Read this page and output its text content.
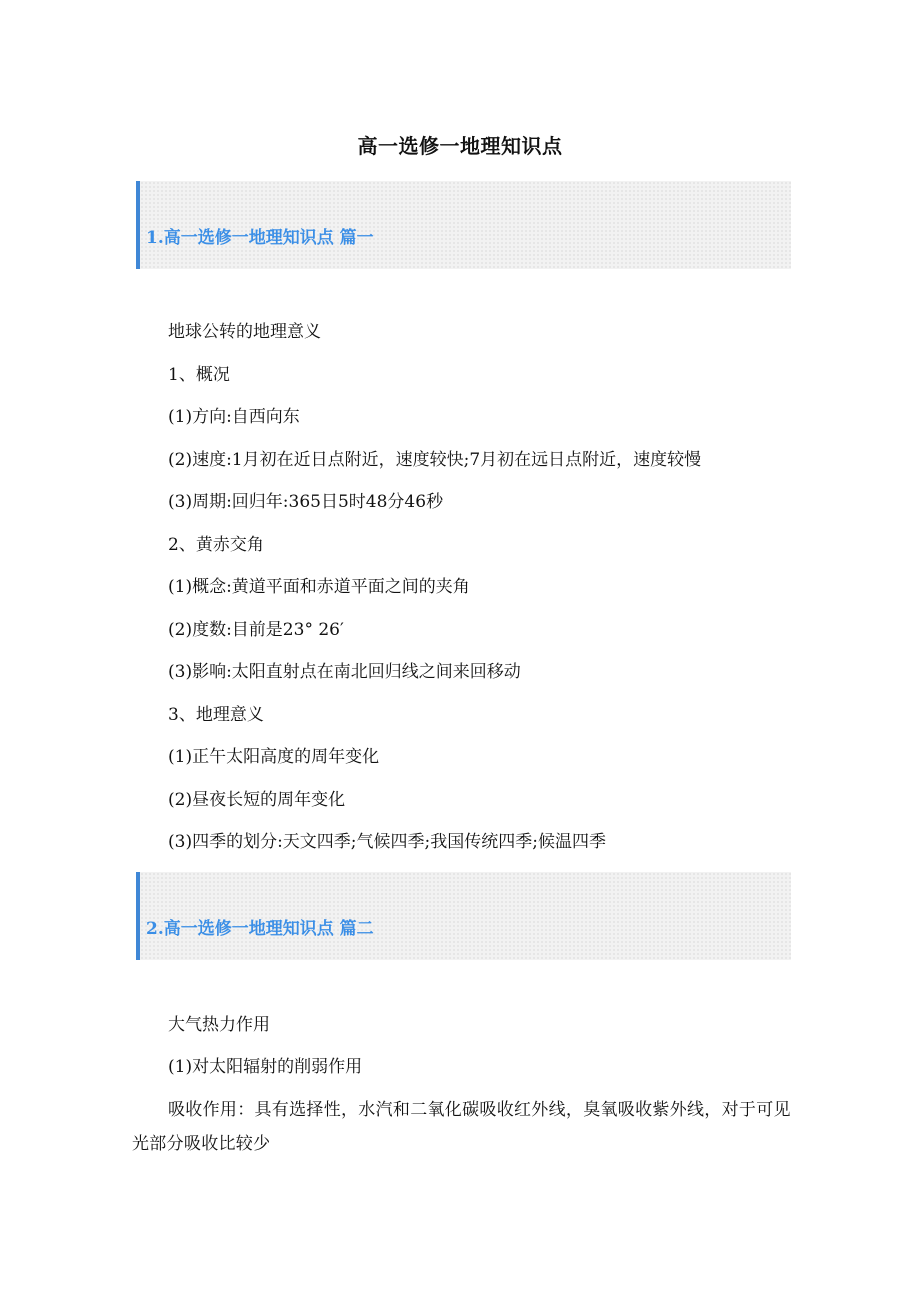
高一选修一地理知识点
1.高一选修一地理知识点 篇一
地球公转的地理意义
1、概况
(1)方向:自西向东
(2)速度:1月初在近日点附近，速度较快;7月初在远日点附近，速度较慢
(3)周期:回归年:365日5时48分46秒
2、黄赤交角
(1)概念:黄道平面和赤道平面之间的夹角
(2)度数:目前是23° 26′
(3)影响:太阳直射点在南北回归线之间来回移动
3、地理意义
(1)正午太阳高度的周年变化
(2)昼夜长短的周年变化
(3)四季的划分:天文四季;气候四季;我国传统四季;候温四季
2.高一选修一地理知识点 篇二
大气热力作用
(1)对太阳辐射的削弱作用
吸收作用：具有选择性，水汽和二氧化碳吸收红外线，臭氧吸收紫外线，对于可见光部分吸收比较少
